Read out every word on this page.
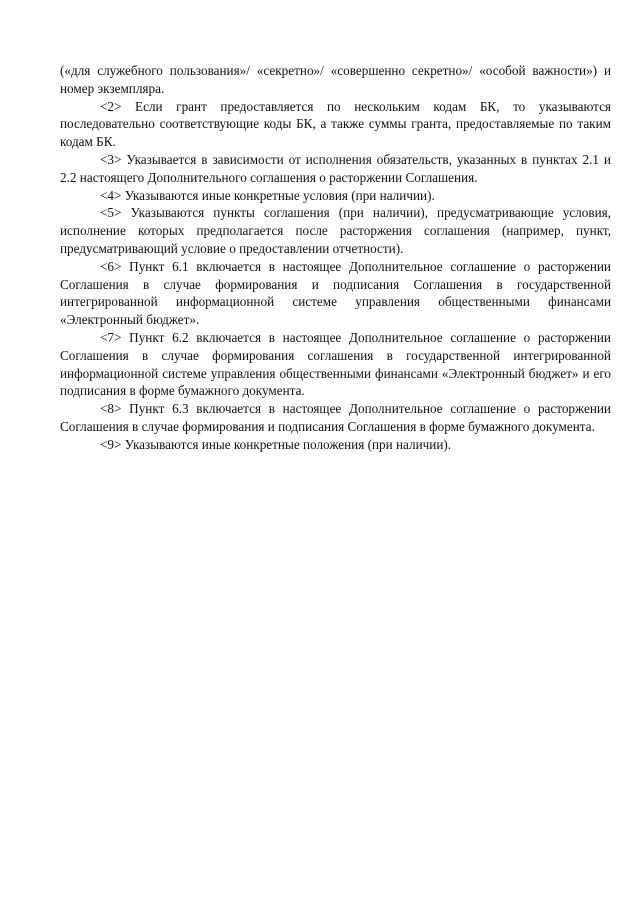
(«для служебного пользования»/ «секретно»/ «совершенно секретно»/ «особой важности») и номер экземпляра.

<2> Если грант предоставляется по нескольким кодам БК, то указываются последовательно соответствующие коды БК, а также суммы гранта, предоставляемые по таким кодам БК.

<3> Указывается в зависимости от исполнения обязательств, указанных в пунктах 2.1 и 2.2 настоящего Дополнительного соглашения о расторжении Соглашения.

<4> Указываются иные конкретные условия (при наличии).

<5> Указываются пункты соглашения (при наличии), предусматривающие условия, исполнение которых предполагается после расторжения соглашения (например, пункт, предусматривающий условие о предоставлении отчетности).

<6> Пункт 6.1 включается в настоящее Дополнительное соглашение о расторжении Соглашения в случае формирования и подписания Соглашения в государственной интегрированной информационной системе управления общественными финансами «Электронный бюджет».

<7> Пункт 6.2 включается в настоящее Дополнительное соглашение о расторжении Соглашения в случае формирования соглашения в государственной интегрированной информационной системе управления общественными финансами «Электронный бюджет» и его подписания в форме бумажного документа.

<8> Пункт 6.3 включается в настоящее Дополнительное соглашение о расторжении Соглашения в случае формирования и подписания Соглашения в форме бумажного документа.

<9> Указываются иные конкретные положения (при наличии).
